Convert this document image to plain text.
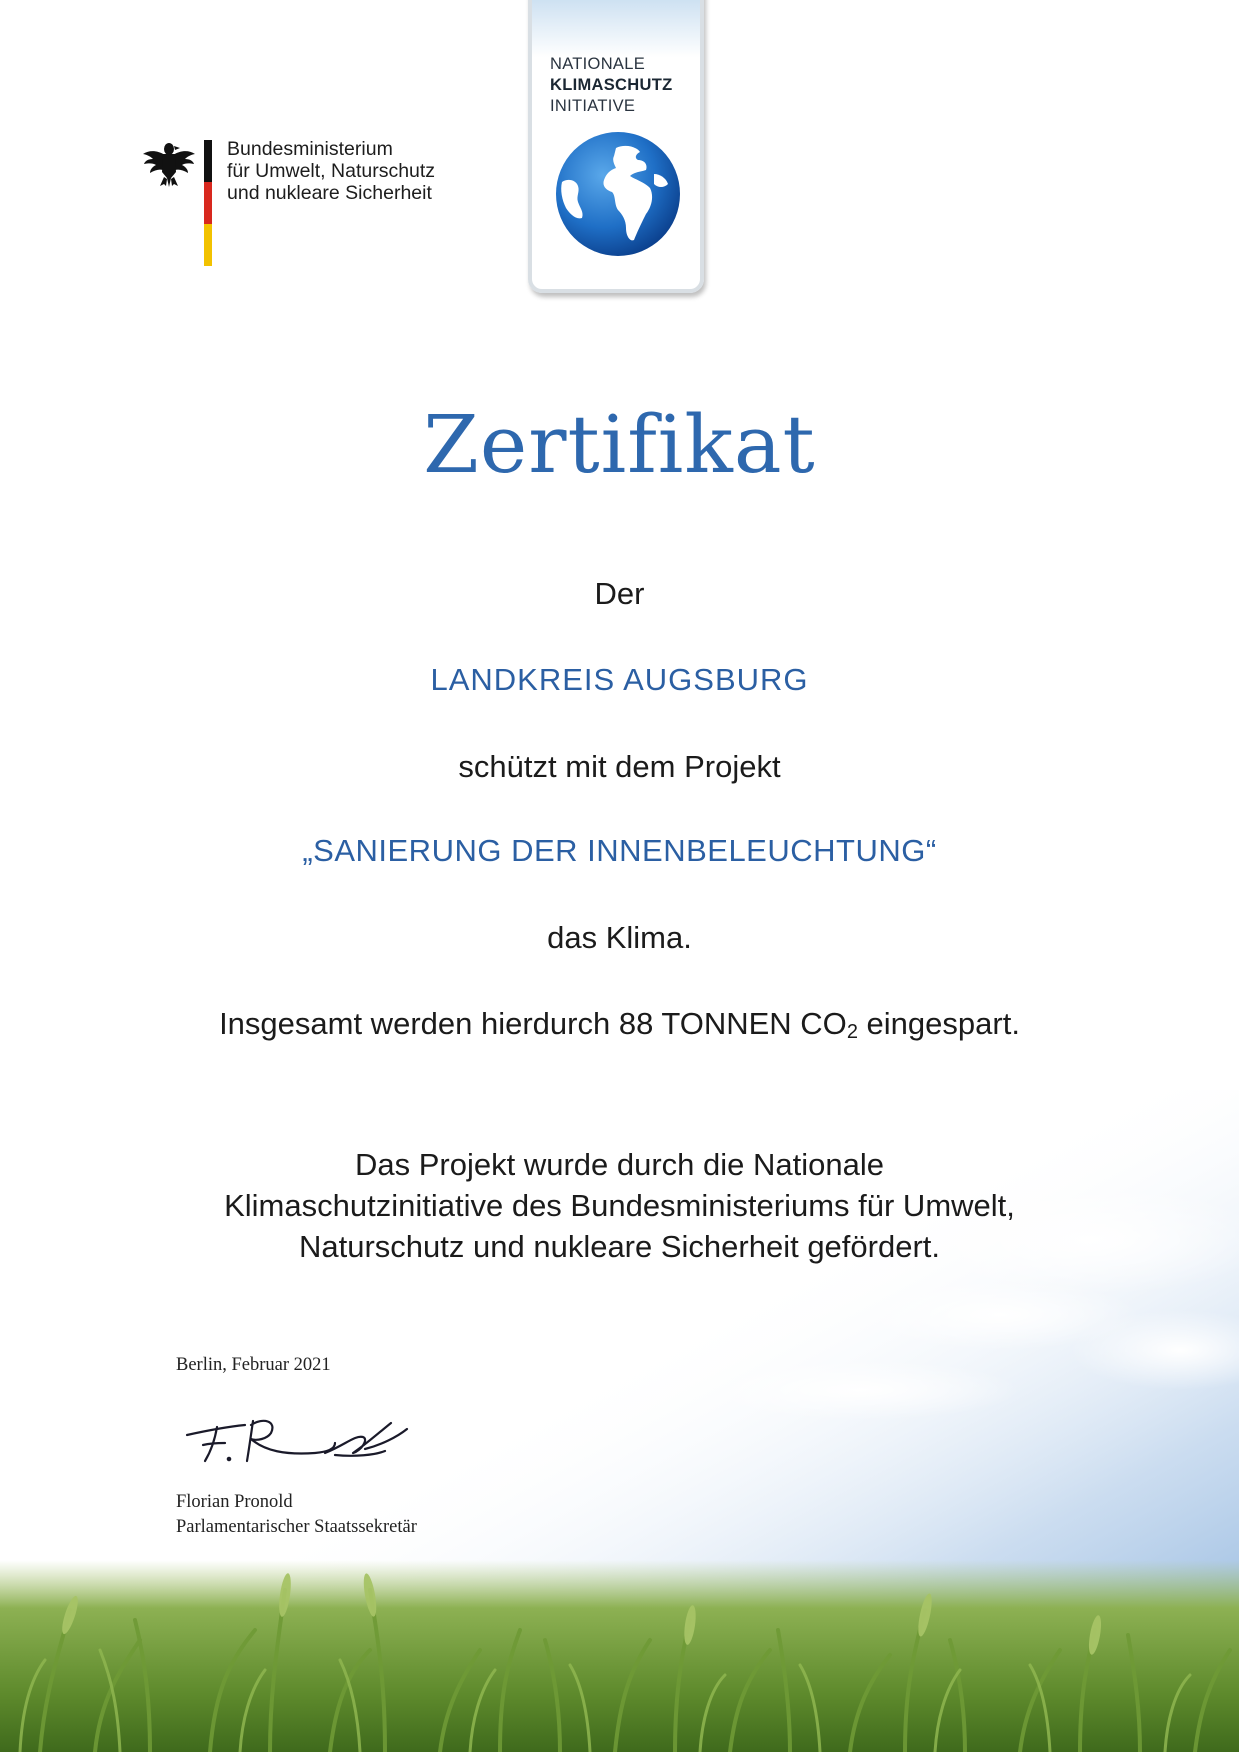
Bundesministerium
für Umwelt, Naturschutz
und nukleare Sicherheit
NATIONALE
KLIMASCHUTZ
INITIATIVE
Zertifikat
Der
LANDKREIS AUGSBURG
schützt mit dem Projekt
„SANIERUNG DER INNENBELEUCHTUNG“
das Klima.
Insgesamt werden hierdurch 88 TONNEN $CO_2$ eingespart.
Das Projekt wurde durch die Nationale
Klimaschutzinitiative des Bundesministeriums für Umwelt,
Naturschutz und nukleare Sicherheit gefördert.
Berlin, Februar 2021
Florian Pronold
Parlamentarischer Staatssekretär
